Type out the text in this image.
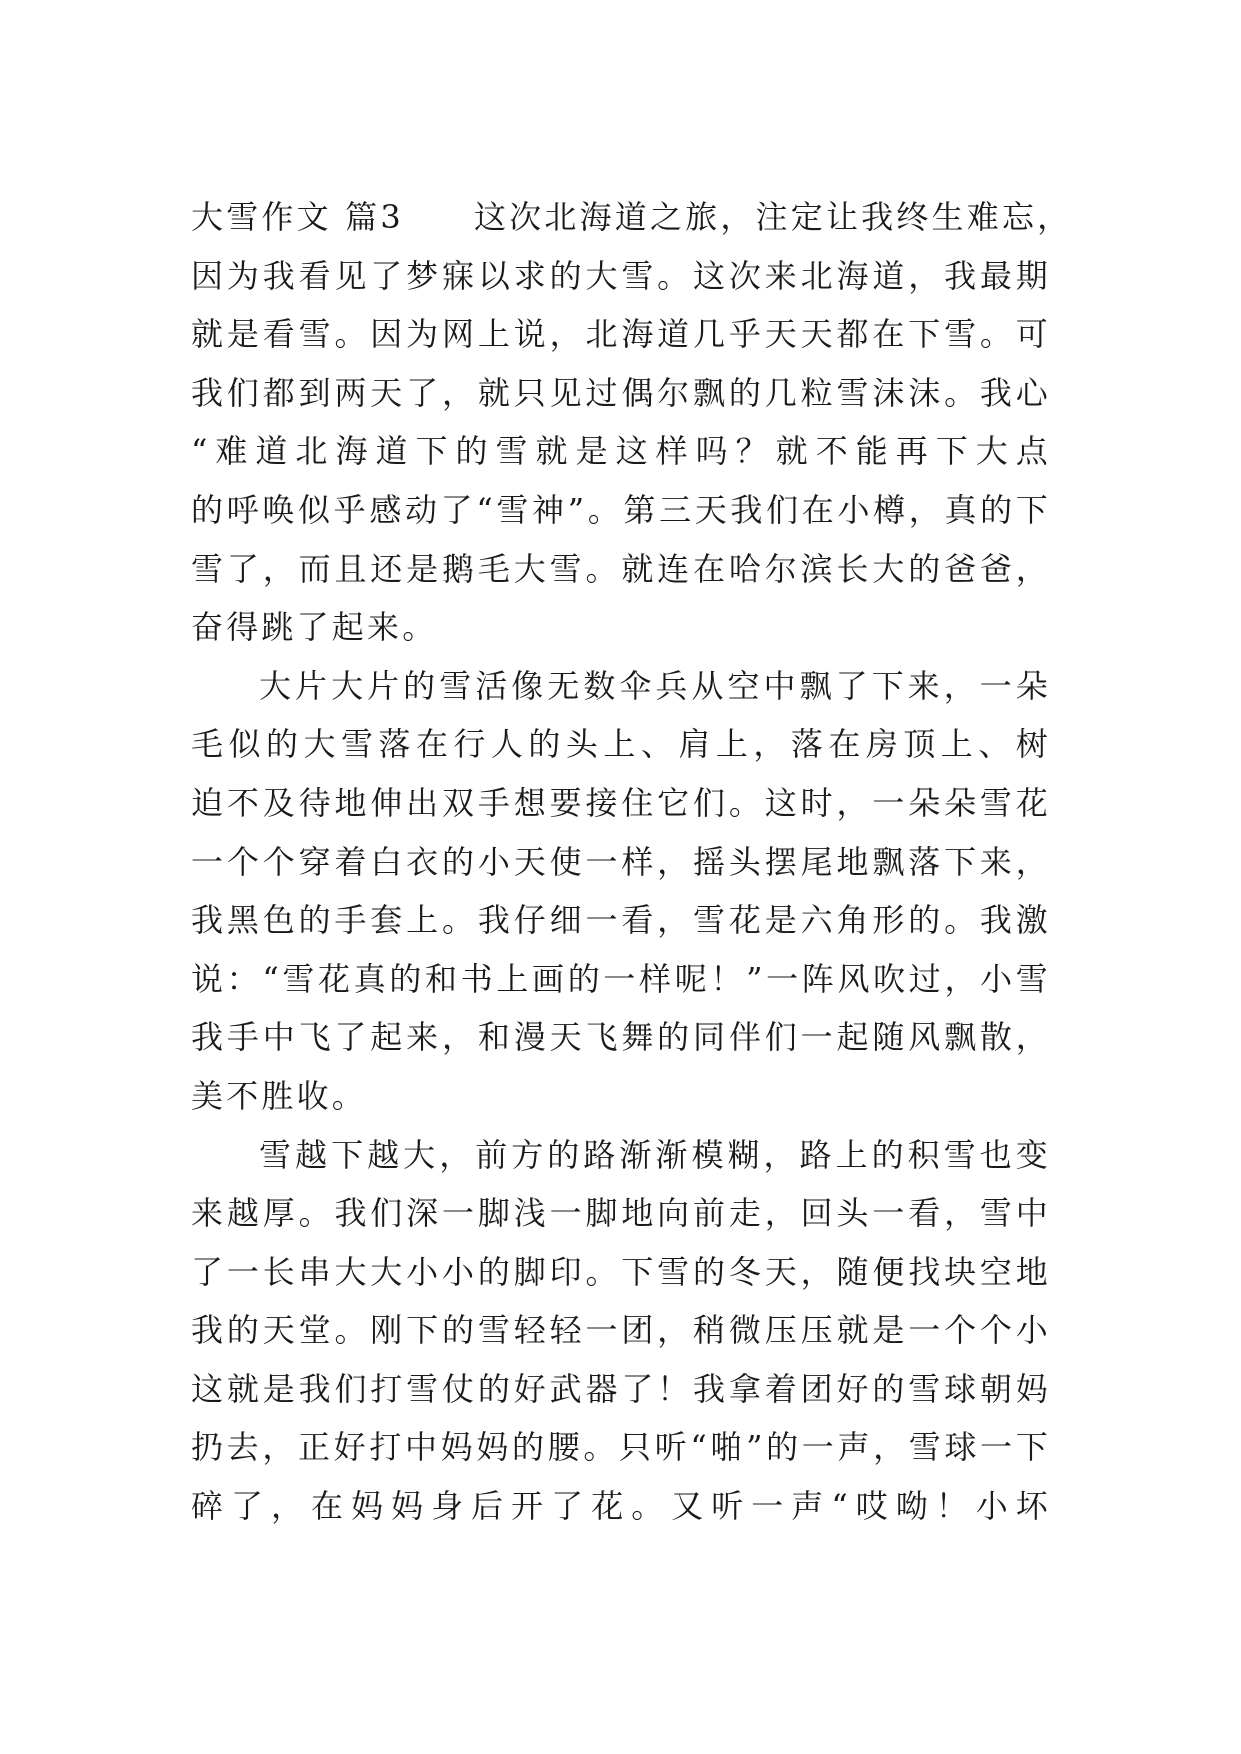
大雪作文 篇3 这次北海道之旅，注定让我终生难忘，
因为我看见了梦寐以求的大雪。这次来北海道，我最期
就是看雪。因为网上说，北海道几乎天天都在下雪。可
我们都到两天了，就只见过偶尔飘的几粒雪沫沫。我心
“难道北海道下的雪就是这样吗？就不能再下大点
的呼唤似乎感动了“雪神”。第三天我们在小樽，真的下
雪了，而且还是鹅毛大雪。就连在哈尔滨长大的爸爸，
奋得跳了起来。
大片大片的雪活像无数伞兵从空中飘了下来，一朵
毛似的大雪落在行人的头上、肩上，落在房顶上、树
迫不及待地伸出双手想要接住它们。这时，一朵朵雪花
一个个穿着白衣的小天使一样，摇头摆尾地飘落下来，
我黑色的手套上。我仔细一看，雪花是六角形的。我激
说：“雪花真的和书上画的一样呢！”一阵风吹过，小雪
我手中飞了起来，和漫天飞舞的同伴们一起随风飘散，
美不胜收。
雪越下越大，前方的路渐渐模糊，路上的积雪也变
来越厚。我们深一脚浅一脚地向前走，回头一看，雪中
了一长串大大小小的脚印。下雪的冬天，随便找块空地
我的天堂。刚下的雪轻轻一团，稍微压压就是一个个小
这就是我们打雪仗的好武器了！我拿着团好的雪球朝妈
扔去，正好打中妈妈的腰。只听“啪”的一声，雪球一下
碎了，在妈妈身后开了花。又听一声“哎呦！小坏
